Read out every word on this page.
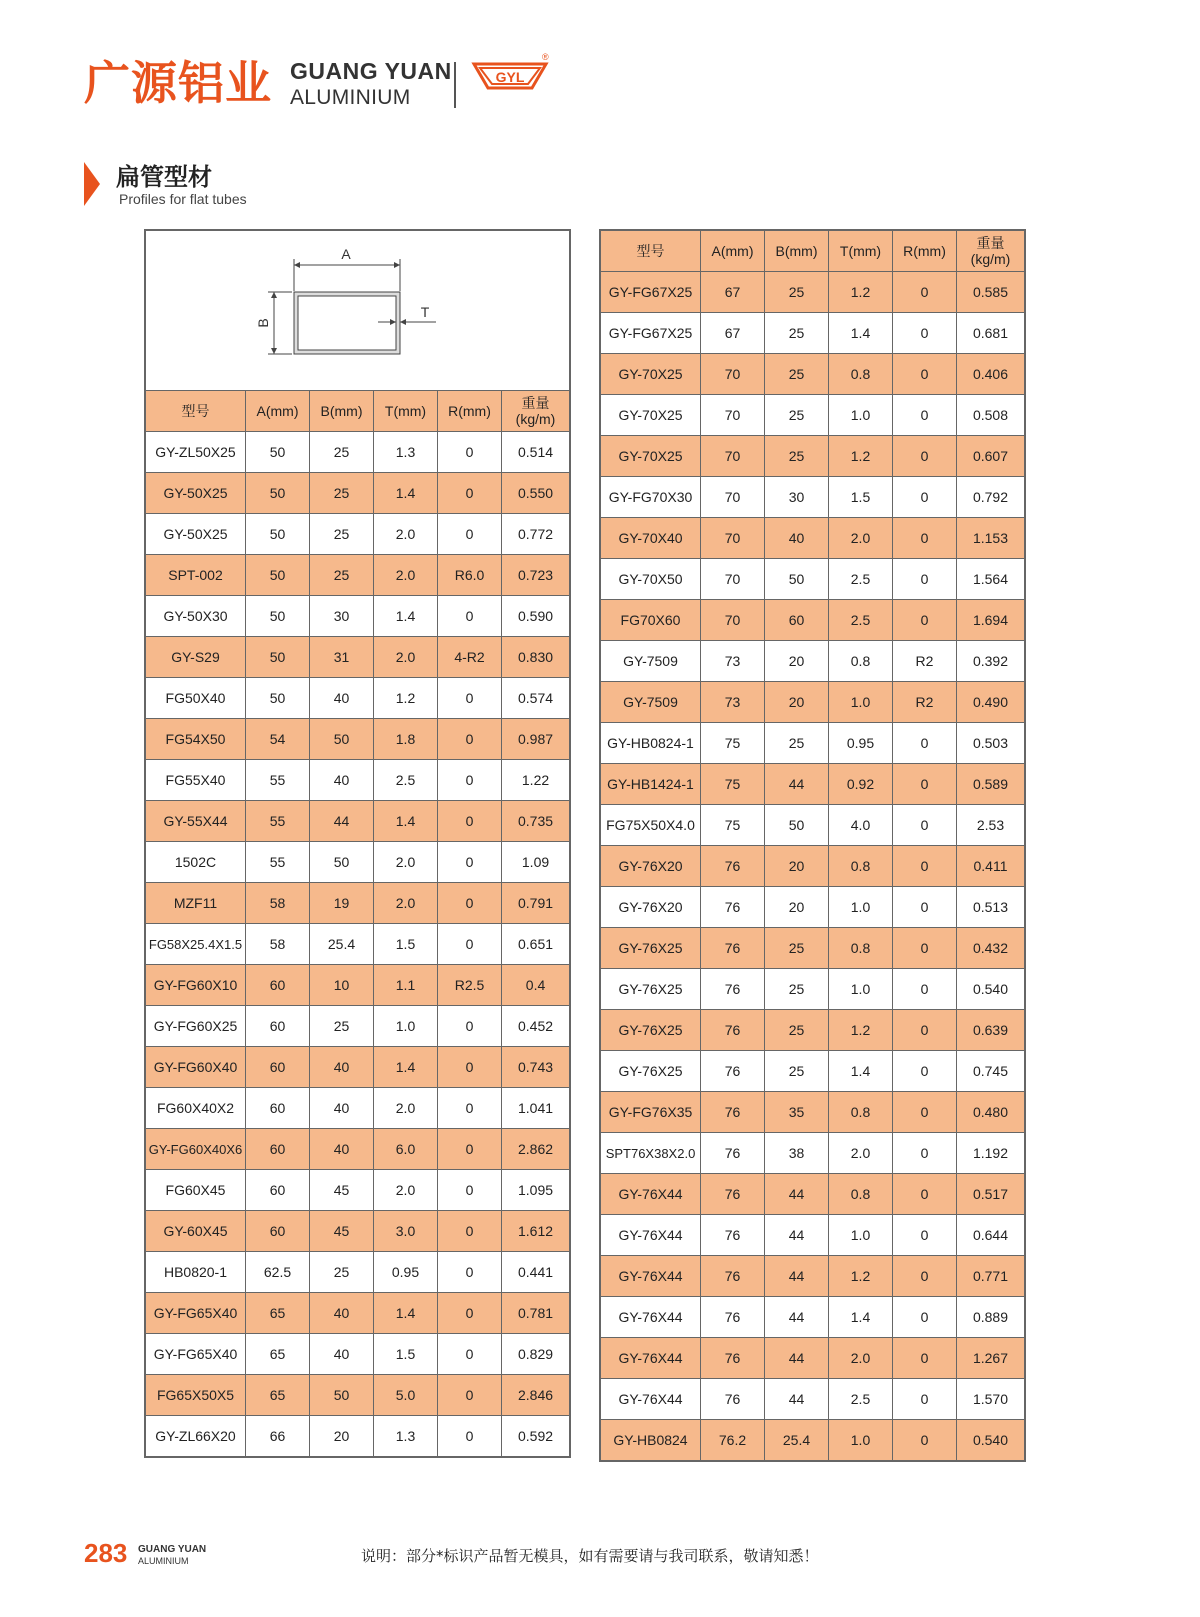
广源铝业 GUANG YUAN
ALUMINIUM
GYL
®
扁管型材
Profiles for flat tubes
A
B
T					

型号	A(mm)	B(mm)	T(mm)	R(mm)	重量
(kg/m)
GY-ZL50X25	50	25	1.3	0	0.514
GY-50X25	50	25	1.4	0	0.550
GY-50X25	50	25	2.0	0	0.772
SPT-002	50	25	2.0	R6.0	0.723
GY-50X30	50	30	1.4	0	0.590
GY-S29	50	31	2.0	4-R2	0.830
FG50X40	50	40	1.2	0	0.574
FG54X50	54	50	1.8	0	0.987
FG55X40	55	40	2.5	0	1.22
GY-55X44	55	44	1.4	0	0.735
1502C	55	50	2.0	0	1.09
MZF11	58	19	2.0	0	0.791
FG58X25.4X1.5	58	25.4	1.5	0	0.651
GY-FG60X10	60	10	1.1	R2.5	0.4
GY-FG60X25	60	25	1.0	0	0.452
GY-FG60X40	60	40	1.4	0	0.743
FG60X40X2	60	40	2.0	0	1.041
GY-FG60X40X6	60	40	6.0	0	2.862
FG60X45	60	45	2.0	0	1.095
GY-60X45	60	45	3.0	0	1.612
HB0820-1	62.5	25	0.95	0	0.441
GY-FG65X40	65	40	1.4	0	0.781
GY-FG65X40	65	40	1.5	0	0.829
FG65X50X5	65	50	5.0	0	2.846
GY-ZL66X20	66	20	1.3	0	0.592
型号	A(mm)	B(mm)	T(mm)	R(mm)	重量
(kg/m)
GY-FG67X25	67	25	1.2	0	0.585
GY-FG67X25	67	25	1.4	0	0.681
GY-70X25	70	25	0.8	0	0.406
GY-70X25	70	25	1.0	0	0.508
GY-70X25	70	25	1.2	0	0.607
GY-FG70X30	70	30	1.5	0	0.792
GY-70X40	70	40	2.0	0	1.153
GY-70X50	70	50	2.5	0	1.564
FG70X60	70	60	2.5	0	1.694
GY-7509	73	20	0.8	R2	0.392
GY-7509	73	20	1.0	R2	0.490
GY-HB0824-1	75	25	0.95	0	0.503
GY-HB1424-1	75	44	0.92	0	0.589
FG75X50X4.0	75	50	4.0	0	2.53
GY-76X20	76	20	0.8	0	0.411
GY-76X20	76	20	1.0	0	0.513
GY-76X25	76	25	0.8	0	0.432
GY-76X25	76	25	1.0	0	0.540
GY-76X25	76	25	1.2	0	0.639
GY-76X25	76	25	1.4	0	0.745
GY-FG76X35	76	35	0.8	0	0.480
SPT76X38X2.0	76	38	2.0	0	1.192
GY-76X44	76	44	0.8	0	0.517
GY-76X44	76	44	1.0	0	0.644
GY-76X44	76	44	1.2	0	0.771
GY-76X44	76	44	1.4	0	0.889
GY-76X44	76	44	2.0	0	1.267
GY-76X44	76	44	2.5	0	1.570
GY-HB0824	76.2	25.4	1.0	0	0.540
283 GUANG YUAN
ALUMINIUM	说明：部分*标识产品暂无模具，如有需要请与我司联系，敬请知悉！
